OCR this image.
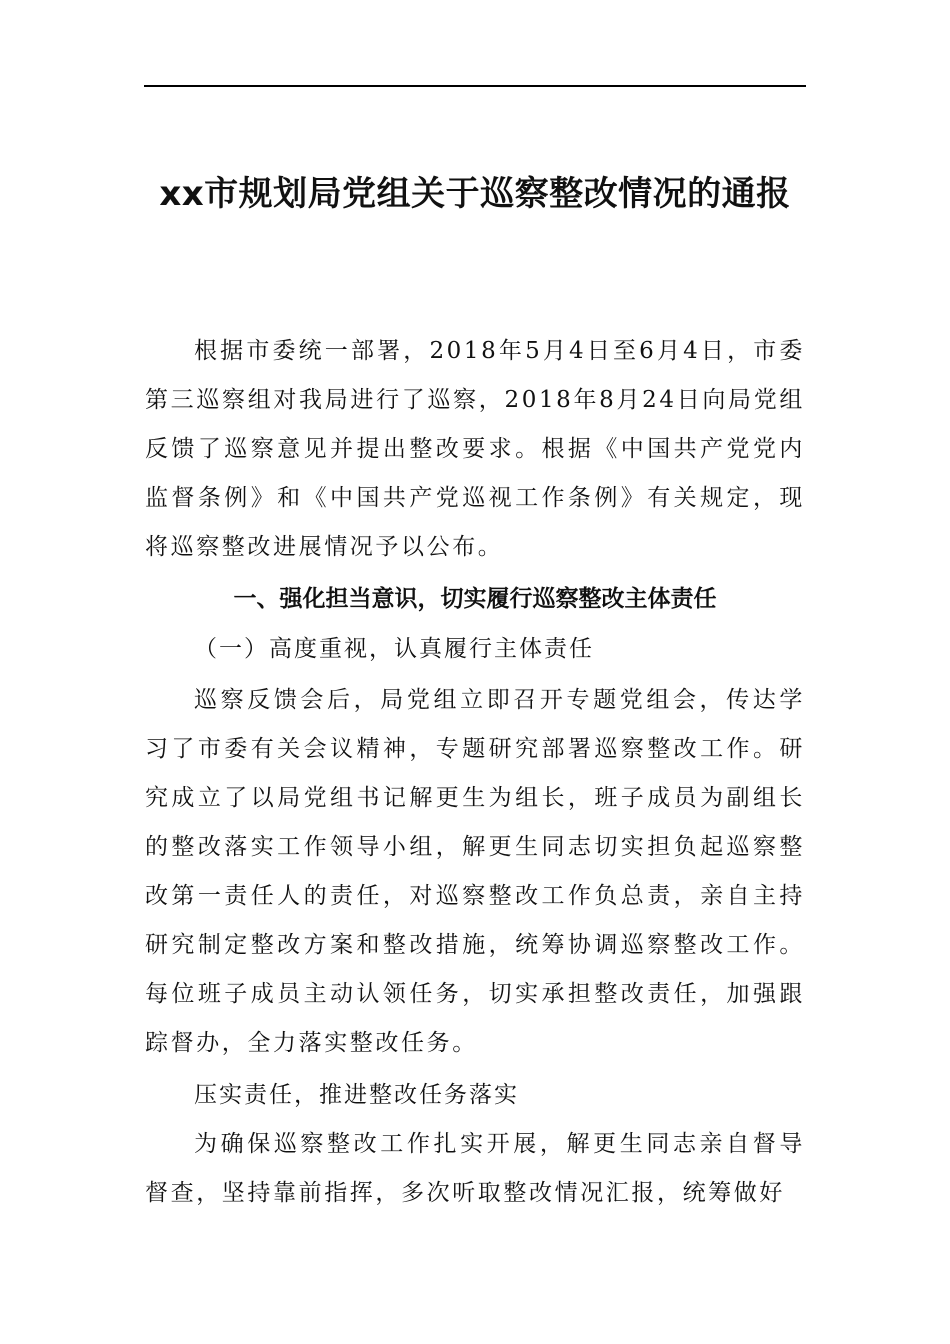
xx市规划局党组关于巡察整改情况的通报

根据市委统一部署，2018年5月4日至6月4日，市委第三巡察组对我局进行了巡察，2018年8月24日向局党组反馈了巡察意见并提出整改要求。根据《中国共产党党内监督条例》和《中国共产党巡视工作条例》有关规定，现将巡察整改进展情况予以公布。

一、强化担当意识，切实履行巡察整改主体责任

（一）高度重视，认真履行主体责任

巡察反馈会后，局党组立即召开专题党组会，传达学习了市委有关会议精神，专题研究部署巡察整改工作。研究成立了以局党组书记解更生为组长，班子成员为副组长的整改落实工作领导小组，解更生同志切实担负起巡察整改第一责任人的责任，对巡察整改工作负总责，亲自主持研究制定整改方案和整改措施，统筹协调巡察整改工作。每位班子成员主动认领任务，切实承担整改责任，加强跟踪督办，全力落实整改任务。

压实责任，推进整改任务落实

为确保巡察整改工作扎实开展，解更生同志亲自督导督查，坚持靠前指挥，多次听取整改情况汇报，统筹做好
